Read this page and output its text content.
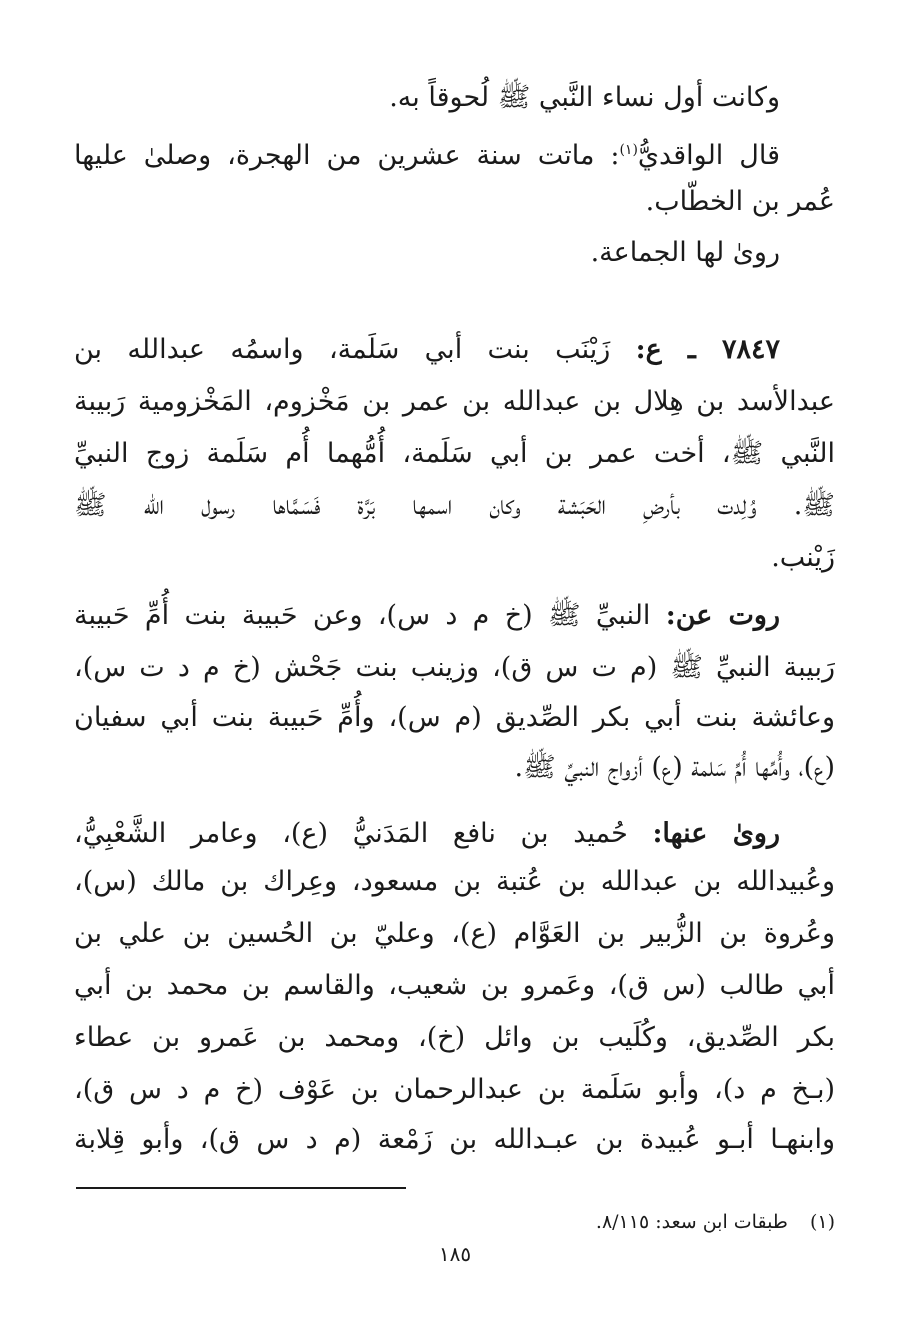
وكانت أول نساء النَّبي ﷺ لُحوقاً به.
قال الواقديُّ$^{(١)}$: ماتت سنة عشرين من الهجرة، وصلىٰ عليها
عُمر بن الخطّاب.
رویٰ لها الجماعة.
٧٨٤٧ ـ ع: زَيْنَب بنت أبي سَلَمة، واسمُه عبدالله بن
عبدالأسد بن هِلال بن عبدالله بن عمر بن مَخْزوم، المَخْزومية رَبيبة
النَّبي ﷺ، أخت عمر بن أبي سَلَمة، أُمُّهما أُم سَلَمة زوج النبيِّ
ﷺ. وُلِدت بأرضِ الحَبَشة وكان اسمها بَرَّة فَسَمَّاها رسول الله ﷺ
زَيْنب.
روت عن: النبيِّ ﷺ (خ م د س)، وعن حَبيبة بنت أُمِّ حَبيبة
رَبيبة النبيِّ ﷺ (م ت س ق)، وزينب بنت جَحْش (خ م د ت س)،
وعائشة بنت أبي بكر الصِّديق (م س)، وأُمِّ حَبيبة بنت أبي سفيان
(ع)، وأُمِّها أُمِّ سَلمة (ع) أزواج النبيِّ ﷺ.
رویٰ عنها: حُميد بن نافع المَدَنيُّ (ع)، وعامر الشَّعْبِيُّ،
وعُبيدالله بن عبدالله بن عُتبة بن مسعود، وعِراك بن مالك (س)،
وعُروة بن الزُّبير بن العَوَّام (ع)، وعليّ بن الحُسين بن علي بن
أبي طالب (س ق)، وعَمرو بن شعيب، والقاسم بن محمد بن أبي
بكر الصِّديق، وكُلَيب بن وائل (خ)، ومحمد بن عَمرو بن عطاء
(بـخ م د)، وأبو سَلَمة بن عبدالرحمان بن عَوْف (خ م د س ق)،
وابنهـا أبـو عُبيدة بن عبـدالله بن زَمْعة (م د س ق)، وأبو قِلابة
(١)طبقات ابن سعد: ٨/١١٥.
١٨٥
